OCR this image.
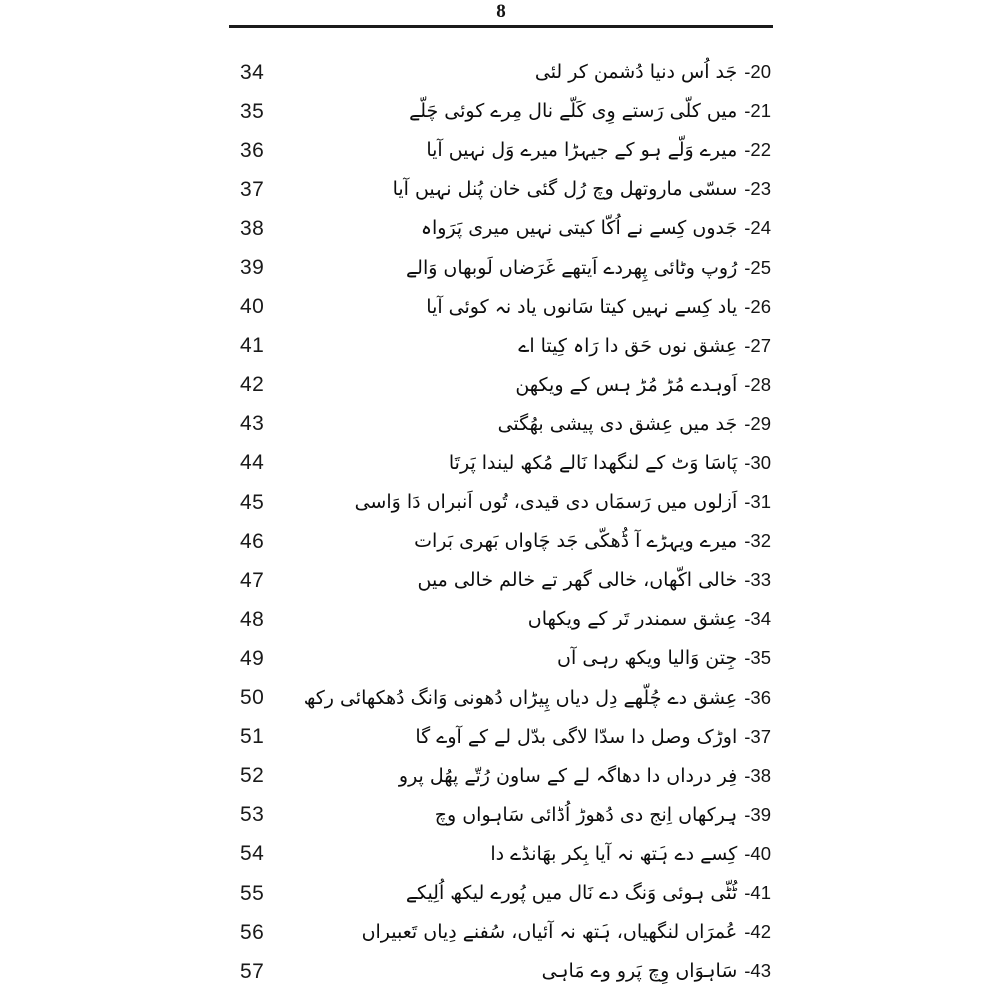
8
34	20-جَد اُس دنیا دُشمن کر لئی
35	21-میں کلّی رَستے وِی کَلّے نال مِرے کوئی چَلّے
36	22-میرے وَلّے ہو کے جیہڑا میرے وَل نہیں آیا
37	23-سسّی ماروتھل وچ رُل گئی خان پُنل نہیں آیا
38	24-جَدوں کِسے نے اُکّا کیتی نہیں میری پَرَواہ
39	25-رُوپ وٹائی پِھردے اَیتھے غَرَضاں لَوبھاں وَالے
40	26-یاد کِسے نہیں کیتا سَانوں یاد نہ کوئی آیا
41	27-عِشق نوں حَق دا رَاہ کِیتا اے
42	28-اَوہدے مُڑ مُڑ ہس کے ویکھن
43	29-جَد میں عِشق دی پیشی بھُگتی
44	30-پَاسَا وَٹ کے لنگھدا نَالے مُکھ لیندا پَرتَا
45	31-اَزلوں میں رَسمَاں دی قیدی، تُوں اَنبراں دَا وَاسی
46	32-میرے ویہڑے آ ڈُھکّی جَد چَاواں بَھری بَرات
47	33-خالی اکّھاں، خالی گھر تے خالم خالی میں
48	34-عِشق سمندر تَر کے ویکھاں
49	35-جِتن وَالیا ویکھ رہی آں
50	36-عِشق دے چُلّھے دِل دیاں پِیڑاں دُھونی وَانگ دُھکھائی رکھ
51	37-اوڑک وصل دا سدّا لاگی بدّل لے کے آوے گا
52	38-فِر درداں دا دھاگہ لے کے ساون رُتّے پھُل پرو
53	39-ہِرکھاں اِنج دی دُھوڑ اُڈائی سَاہواں وچ
54	40-کِسے دے ہَتھ نہ آیا بِکر بھَانڈے دا
55	41-ٹُٹّی ہوئی وَنگ دے نَال میں پُورے لیکھ اُلِیکے
56	42-عُمرَاں لنگھیاں، ہَتھ نہ آئیاں، سُفنے دِیاں تَعبیراں
57	43-سَاہوَاں وِچ پَرو وے مَاہی
